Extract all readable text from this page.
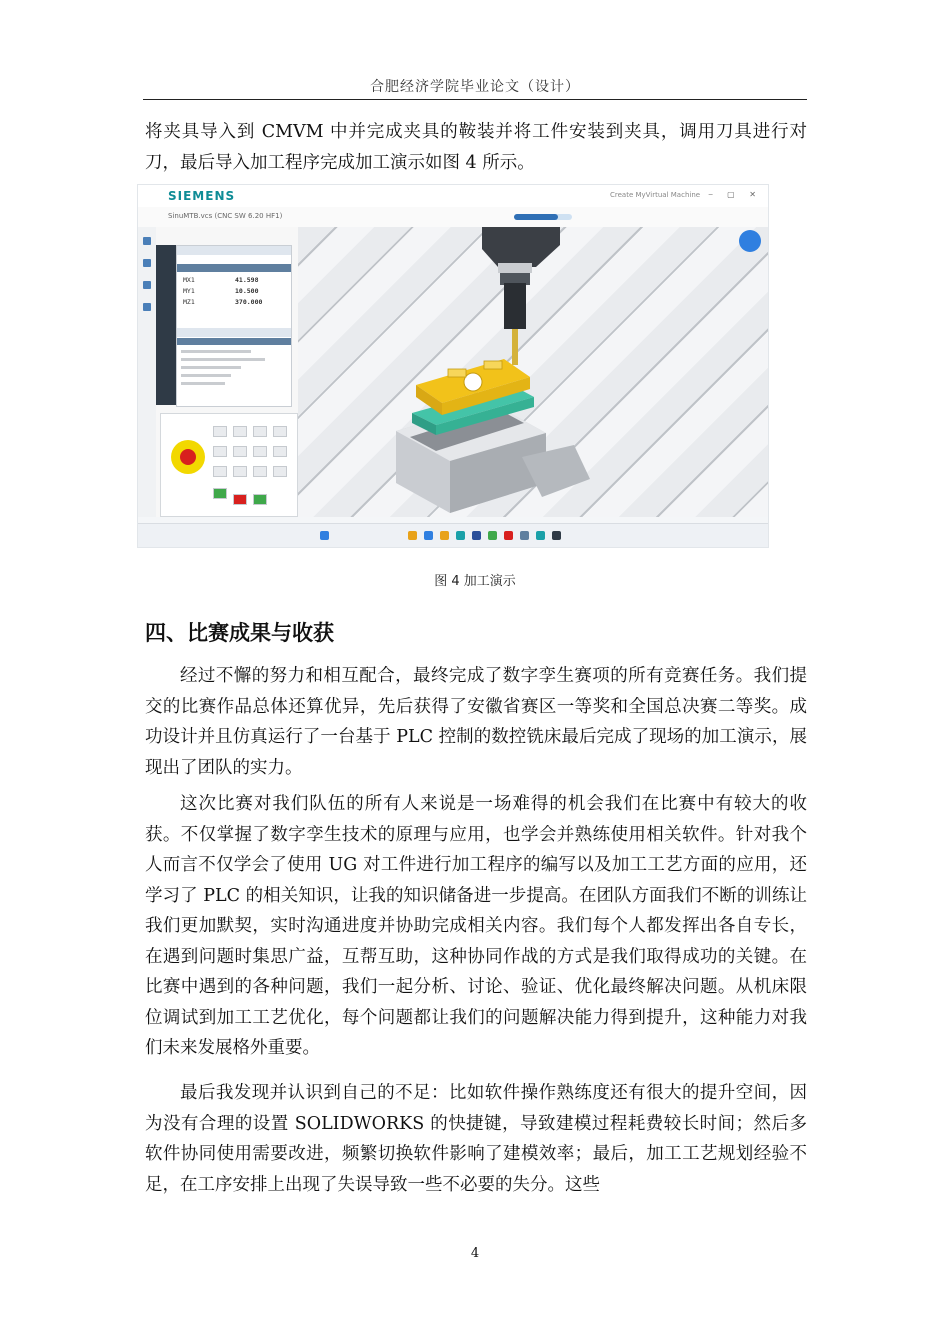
合肥经济学院毕业论文（设计）

将夹具导入到 CMVM 中并完成夹具的鞍装并将工件安装到夹具，调用刀具进行对刀，最后导入加工程序完成加工演示如图 4 所示。

SIEMENS	Create MyVirtual Machine ⎯ ▢ ✕
SinuMTB.vcs (CNC SW 6.20 HF1)
MX1	41.598
MY1	10.500
MZ1	370.000
图 4 加工演示
四、比赛成果与收获

经过不懈的努力和相互配合，最终完成了数字孪生赛项的所有竞赛任务。我们提交的比赛作品总体还算优异，先后获得了安徽省赛区一等奖和全国总决赛二等奖。成功设计并且仿真运行了一台基于 PLC 控制的数控铣床最后完成了现场的加工演示，展现出了团队的实力。

这次比赛对我们队伍的所有人来说是一场难得的机会我们在比赛中有较大的收获。不仅掌握了数字孪生技术的原理与应用，也学会并熟练使用相关软件。针对我个人而言不仅学会了使用 UG 对工件进行加工程序的编写以及加工工艺方面的应用，还学习了 PLC 的相关知识，让我的知识储备进一步提高。在团队方面我们不断的训练让我们更加默契，实时沟通进度并协助完成相关内容。我们每个人都发挥出各自专长，在遇到问题时集思广益，互帮互助，这种协同作战的方式是我们取得成功的关键。在比赛中遇到的各种问题，我们一起分析、讨论、验证、优化最终解决问题。从机床限位调试到加工工艺优化，每个问题都让我们的问题解决能力得到提升，这种能力对我们未来发展格外重要。

最后我发现并认识到自己的不足：比如软件操作熟练度还有很大的提升空间，因为没有合理的设置 SOLIDWORKS 的快捷键，导致建模过程耗费较长时间；然后多软件协同使用需要改进，频繁切换软件影响了建模效率；最后，加工工艺规划经验不足，在工序安排上出现了失误导致一些不必要的失分。这些

4
